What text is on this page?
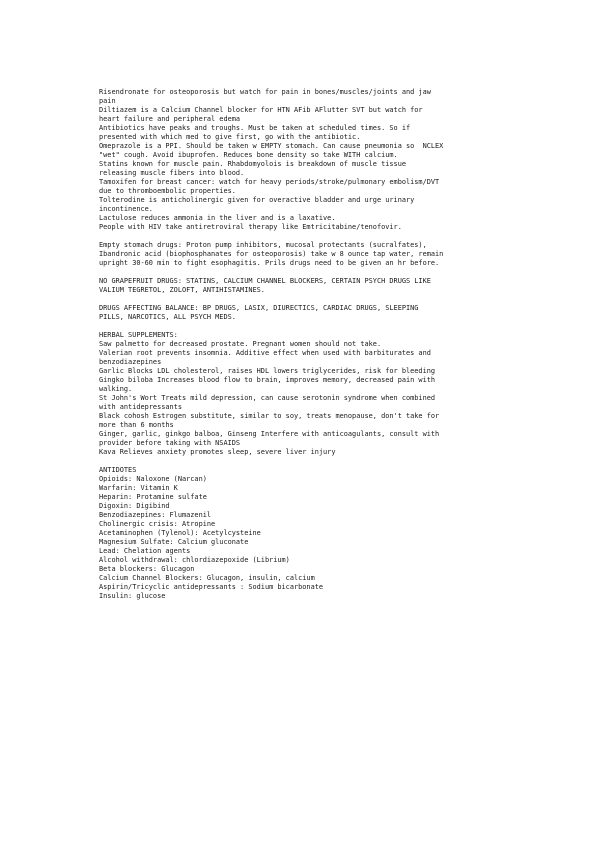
Risendronate for osteoporosis but watch for pain in bones/muscles/joints and jaw
pain
Diltiazem is a Calcium Channel blocker for HTN AFib AFlutter SVT but watch for
heart failure and peripheral edema
Antibiotics have peaks and troughs. Must be taken at scheduled times. So if
presented with which med to give first, go with the antibiotic.
Omeprazole is a PPI. Should be taken w EMPTY stomach. Can cause pneumonia so  NCLEX
"wet" cough. Avoid ibuprofen. Reduces bone density so take WITH calcium.
Statins known for muscle pain. Rhabdomyolois is breakdown of muscle tissue
releasing muscle fibers into blood.
Tamoxifen for breast cancer: watch for heavy periods/stroke/pulmonary embolism/DVT
due to thromboembolic properties.
Tolterodine is anticholinergic given for overactive bladder and urge urinary
incontinence.
Lactulose reduces ammonia in the liver and is a laxative.
People with HIV take antiretroviral therapy like Emtricitabine/tenofovir.
Empty stomach drugs: Proton pump inhibitors, mucosal protectants (sucralfates),
Ibandronic acid (biophosphanates for osteoporosis) take w 8 ounce tap water, remain
upright 30-60 min to fight esophagitis. Prils drugs need to be given an hr before.
NO GRAPEFRUIT DRUGS: STATINS, CALCIUM CHANNEL BLOCKERS, CERTAIN PSYCH DRUGS LIKE
VALIUM TEGRETOL, ZOLOFT, ANTIHISTAMINES.
DRUGS AFFECTING BALANCE: BP DRUGS, LASIX, DIURECTICS, CARDIAC DRUGS, SLEEPING
PILLS, NARCOTICS, ALL PSYCH MEDS.
HERBAL SUPPLEMENTS:
Saw palmetto for decreased prostate. Pregnant women should not take.
Valerian root prevents insomnia. Additive effect when used with barbiturates and
benzodiazepines
Garlic Blocks LDL cholesterol, raises HDL lowers triglycerides, risk for bleeding
Gingko biloba Increases blood flow to brain, improves memory, decreased pain with
walking.
St John's Wort Treats mild depression, can cause serotonin syndrome when combined
with antidepressants
Black cohosh Estrogen substitute, similar to soy, treats menopause, don't take for
more than 6 months
Ginger, garlic, ginkgo balboa, Ginseng Interfere with anticoagulants, consult with
provider before taking with NSAIDS
Kava Relieves anxiety promotes sleep, severe liver injury
ANTIDOTES
Opioids: Naloxone (Narcan)
Warfarin: Vitamin K
Heparin: Protamine sulfate
Digoxin: Digibind
Benzodiazepines: Flumazenil
Cholinergic crisis: Atropine
Acetaminophen (Tylenol): Acetylcysteine
Magnesium Sulfate: Calcium gluconate
Lead: Chelation agents
Alcohol withdrawal: chlordiazepoxide (Librium)
Beta blockers: Glucagon
Calcium Channel Blockers: Glucagon, insulin, calcium
Aspirin/Tricyclic antidepressants : Sodium bicarbonate
Insulin: glucose
